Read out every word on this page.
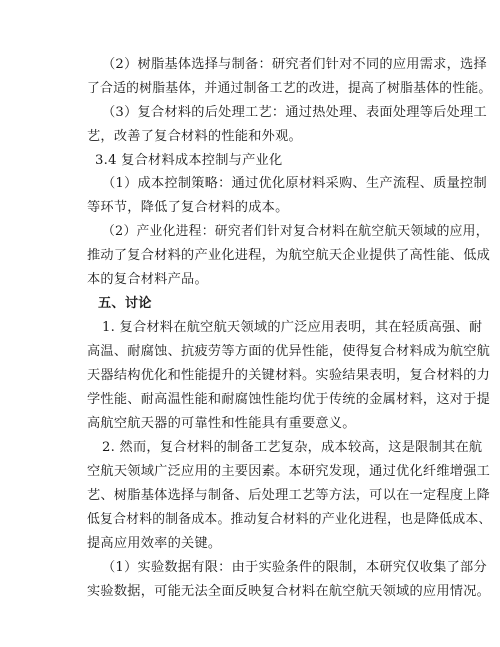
（2）树脂基体选择与制备：研究者们针对不同的应用需求，选择
了合适的树脂基体，并通过制备工艺的改进，提高了树脂基体的性能。
（3）复合材料的后处理工艺：通过热处理、表面处理等后处理工
艺，改善了复合材料的性能和外观。
3.4 复合材料成本控制与产业化
（1）成本控制策略：通过优化原材料采购、生产流程、质量控制
等环节，降低了复合材料的成本。
（2）产业化进程：研究者们针对复合材料在航空航天领域的应用，
推动了复合材料的产业化进程，为航空航天企业提供了高性能、低成
本的复合材料产品。
五、讨论
1. 复合材料在航空航天领域的广泛应用表明，其在轻质高强、耐
高温、耐腐蚀、抗疲劳等方面的优异性能，使得复合材料成为航空航
天器结构优化和性能提升的关键材料。实验结果表明，复合材料的力
学性能、耐高温性能和耐腐蚀性能均优于传统的金属材料，这对于提
高航空航天器的可靠性和性能具有重要意义。
2. 然而，复合材料的制备工艺复杂，成本较高，这是限制其在航
空航天领域广泛应用的主要因素。本研究发现，通过优化纤维增强工
艺、树脂基体选择与制备、后处理工艺等方法，可以在一定程度上降
低复合材料的制备成本。推动复合材料的产业化进程，也是降低成本、
提高应用效率的关键。
（1）实验数据有限：由于实验条件的限制，本研究仅收集了部分
实验数据，可能无法全面反映复合材料在航空航天领域的应用情况。
